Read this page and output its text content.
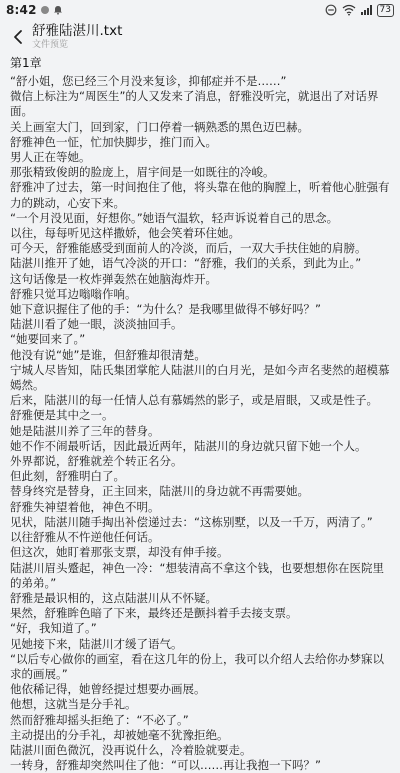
8:42	73
舒雅陆湛川.txt
文件预览
第1章

“舒小姐，您已经三个月没来复诊，抑郁症并不是……”

微信上标注为“周医生”的人又发来了消息，舒雅没听完，就退出了对话界面。

关上画室大门，回到家，门口停着一辆熟悉的黑色迈巴赫。

舒雅神色一怔，忙加快脚步，推门而入。

男人正在等她。

那张精致俊朗的脸庞上，眉宇间是一如既往的冷峻。

舒雅冲了过去，第一时间抱住了他，将头靠在他的胸膛上，听着他心脏强有力的跳动，心安下来。

“一个月没见面，好想你。”她语气温软，轻声诉说着自己的思念。

以往，每每听见这样撒娇，他会笑着环住她。

可今天，舒雅能感受到面前人的冷淡，而后，一双大手扶住她的肩膀。

陆湛川推开了她，语气冷淡的开口：“舒雅，我们的关系，到此为止。”

这句话像是一枚炸弹轰然在她脑海炸开。

舒雅只觉耳边嗡嗡作响。

她下意识握住了他的手：“为什么？是我哪里做得不够好吗？”

陆湛川看了她一眼，淡淡抽回手。

“她要回来了。”

他没有说“她”是谁，但舒雅却很清楚。

宁城人尽皆知，陆氏集团掌舵人陆湛川的白月光，是如今声名斐然的超模慕嫣然。

后来，陆湛川的每一任情人总有慕嫣然的影子，或是眉眼，又或是性子。

舒雅便是其中之一。

她是陆湛川养了三年的替身。

她不作不闹最听话，因此最近两年，陆湛川的身边就只留下她一个人。

外界都说，舒雅就差个转正名分。

但此刻，舒雅明白了。

替身终究是替身，正主回来，陆湛川的身边就不再需要她。

舒雅失神望着他，神色不明。

见状，陆湛川随手掏出补偿递过去：“这栋别墅，以及一千万，两清了。”

以往舒雅从不忤逆他任何话。

但这次，她盯着那张支票，却没有伸手接。

陆湛川眉头蹙起，神色一冷：“想装清高不拿这个钱，也要想想你在医院里的弟弟。”

舒雅是最识相的，这点陆湛川从不怀疑。

果然，舒雅眸色暗了下来，最终还是颤抖着手去接支票。

“好，我知道了。”

见她接下来，陆湛川才缓了语气。

“以后专心做你的画室，看在这几年的份上，我可以介绍人去给你办梦寐以求的画展。”

他依稀记得，她曾经提过想要办画展。

他想，这就当是分手礼。

然而舒雅却摇头拒绝了：“不必了。”

主动提出的分手礼，却被她毫不犹豫拒绝。

陆湛川面色微沉，没再说什么，冷着脸就要走。

一转身，舒雅却突然叫住了他：“可以……再让我抱一下吗？”
